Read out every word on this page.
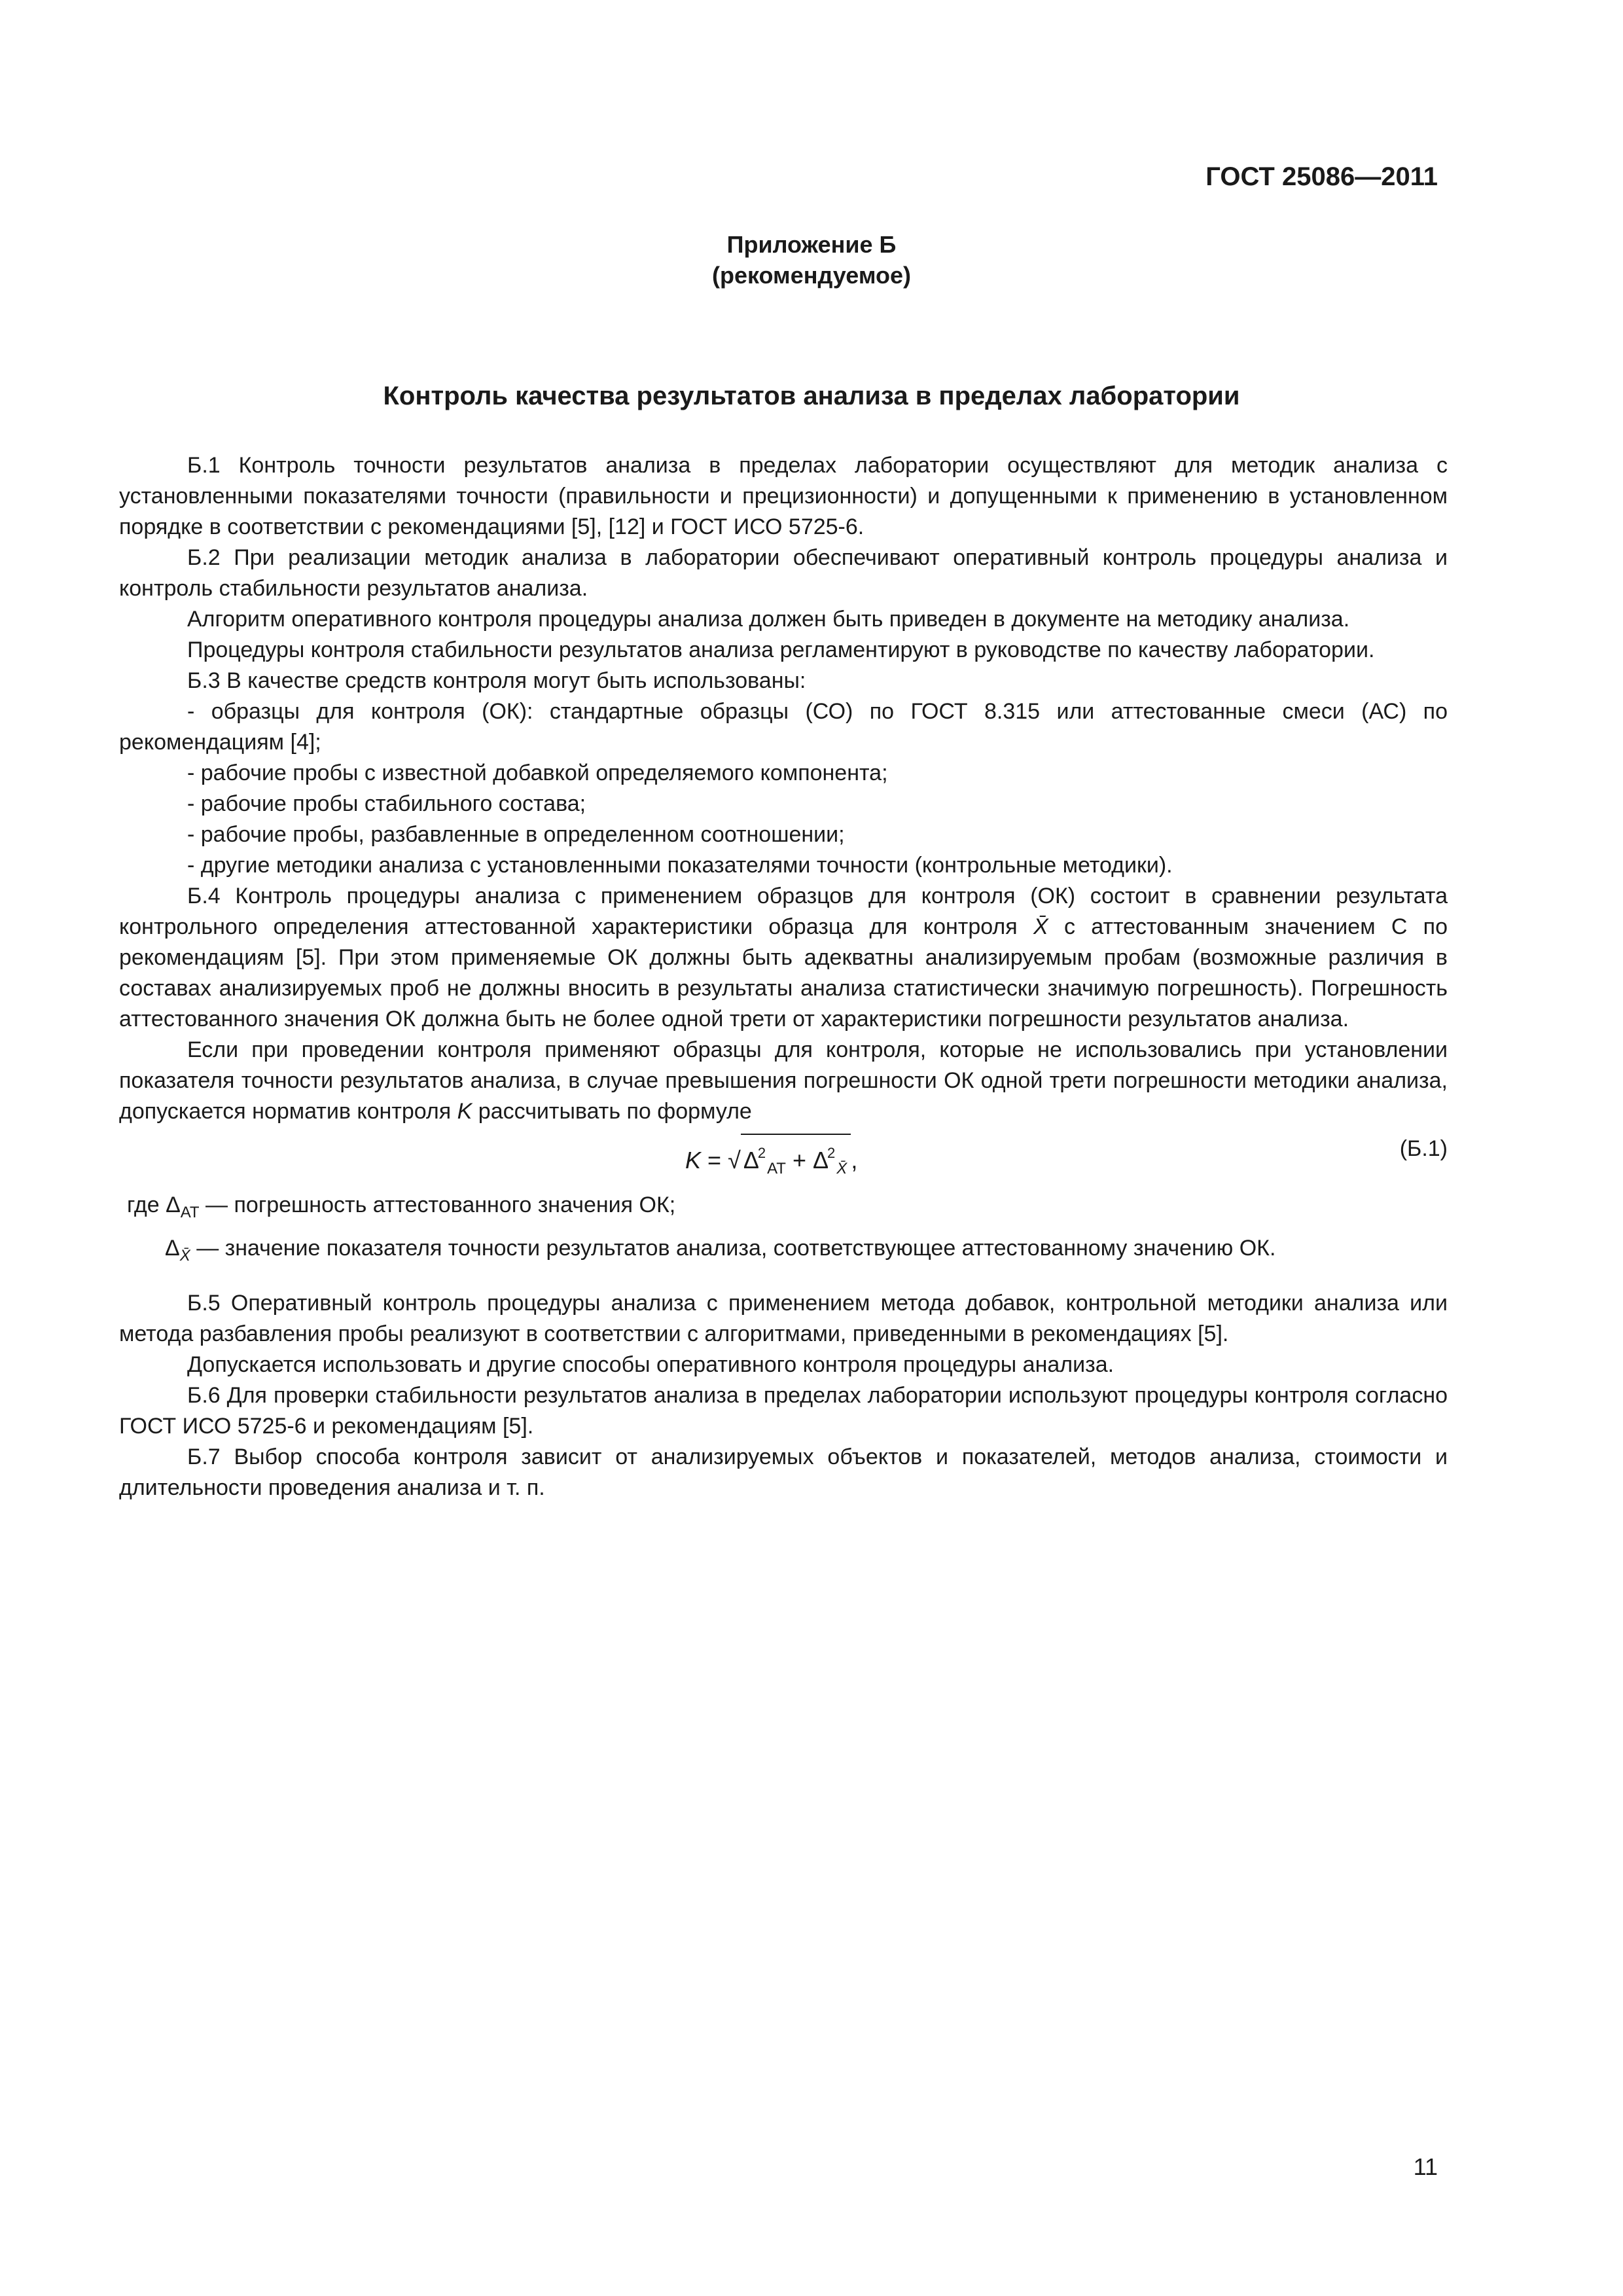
ГОСТ 25086—2011
Приложение Б
(рекомендуемое)
Контроль качества результатов анализа в пределах лаборатории

Б.1 Контроль точности результатов анализа в пределах лаборатории осуществляют для методик анализа с установленными показателями точности (правильности и прецизионности) и допущенными к применению в установленном порядке в соответствии с рекомендациями [5], [12] и ГОСТ ИСО 5725-6.

Б.2 При реализации методик анализа в лаборатории обеспечивают оперативный контроль процедуры анализа и контроль стабильности результатов анализа.

Алгоритм оперативного контроля процедуры анализа должен быть приведен в документе на методику анализа.

Процедуры контроля стабильности результатов анализа регламентируют в руководстве по качеству лаборатории.

Б.3 В качестве средств контроля могут быть использованы:

- образцы для контроля (ОК): стандартные образцы (СО) по ГОСТ 8.315 или аттестованные смеси (АС) по рекомендациям [4];

- рабочие пробы с известной добавкой определяемого компонента;

- рабочие пробы стабильного состава;

- рабочие пробы, разбавленные в определенном соотношении;

- другие методики анализа с установленными показателями точности (контрольные методики).

Б.4 Контроль процедуры анализа с применением образцов для контроля (ОК) состоит в сравнении результата контрольного определения аттестованной характеристики образца для контроля X̄ с аттестованным значением С по рекомендациям [5]. При этом применяемые ОК должны быть адекватны анализируемым пробам (возможные различия в составах анализируемых проб не должны вносить в результаты анализа статистически значимую погрешность). Погрешность аттестованного значения ОК должна быть не более одной трети от характеристики погрешности результатов анализа.

Если при проведении контроля применяют образцы для контроля, которые не использовались при установлении показателя точности результатов анализа, в случае превышения погрешности ОК одной трети погрешности методики анализа, допускается норматив контроля K рассчитывать по формуле

K = √ $\Delta^2_{АТ} + \Delta^2_{X̄}$ ,	(Б.1)
где $\Delta_{АТ}$ — погрешность аттестованного значения ОК;
$\Delta_{X̄}$ — значение показателя точности результатов анализа, соответствующее аттестованному значению ОК.

Б.5 Оперативный контроль процедуры анализа с применением метода добавок, контрольной методики анализа или метода разбавления пробы реализуют в соответствии с алгоритмами, приведенными в рекомендациях [5].

Допускается использовать и другие способы оперативного контроля процедуры анализа.

Б.6 Для проверки стабильности результатов анализа в пределах лаборатории используют процедуры контроля согласно ГОСТ ИСО 5725-6 и рекомендациям [5].

Б.7 Выбор способа контроля зависит от анализируемых объектов и показателей, методов анализа, стоимости и длительности проведения анализа и т. п.

11
